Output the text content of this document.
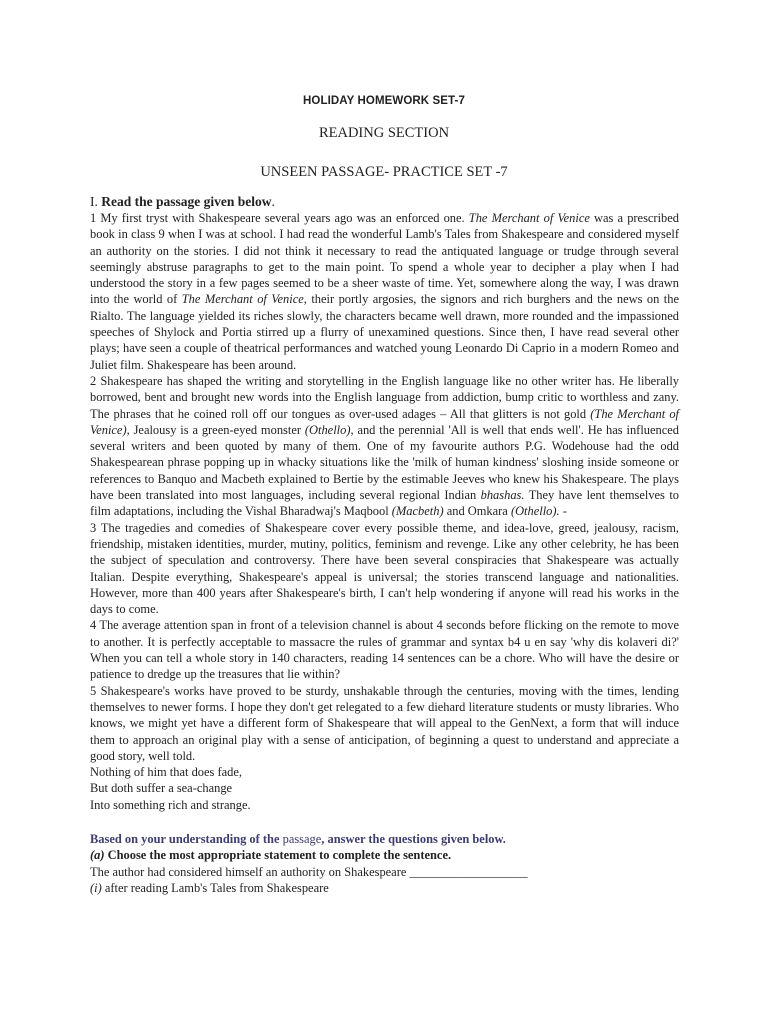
HOLIDAY HOMEWORK SET-7
READING SECTION
UNSEEN PASSAGE- PRACTICE SET -7

I. Read the passage given below.

1 My first tryst with Shakespeare several years ago was an enforced one. The Merchant of Venice was a prescribed book in class 9 when I was at school. I had read the wonderful Lamb's Tales from Shakespeare and considered myself an authority on the stories. I did not think it necessary to read the antiquated language or trudge through several seemingly abstruse paragraphs to get to the main point. To spend a whole year to decipher a play when I had understood the story in a few pages seemed to be a sheer waste of time. Yet, somewhere along the way, I was drawn into the world of The Merchant of Venice, their portly argosies, the signors and rich burghers and the news on the Rialto. The language yielded its riches slowly, the characters became well drawn, more rounded and the impassioned speeches of Shylock and Portia stirred up a flurry of unexamined questions. Since then, I have read several other plays; have seen a couple of theatrical performances and watched young Leonardo Di Caprio in a modern Romeo and Juliet film. Shakespeare has been around.

2 Shakespeare has shaped the writing and storytelling in the English language like no other writer has. He liberally borrowed, bent and brought new words into the English language from addiction, bump critic to worthless and zany. The phrases that he coined roll off our tongues as over-used adages – All that glitters is not gold (The Merchant of Venice), Jealousy is a green-eyed monster (Othello), and the perennial 'All is well that ends well'. He has influenced several writers and been quoted by many of them. One of my favourite authors P.G. Wodehouse had the odd Shakespearean phrase popping up in whacky situations like the 'milk of human kindness' sloshing inside someone or references to Banquo and Macbeth explained to Bertie by the estimable Jeeves who knew his Shakespeare. The plays have been translated into most languages, including several regional Indian bhashas. They have lent themselves to film adaptations, including the Vishal Bharadwaj's Maqbool (Macbeth) and Omkara (Othello). -

3 The tragedies and comedies of Shakespeare cover every possible theme, and idea-love, greed, jealousy, racism, friendship, mistaken identities, murder, mutiny, politics, feminism and revenge. Like any other celebrity, he has been the subject of speculation and controversy. There have been several conspiracies that Shakespeare was actually Italian. Despite everything, Shakespeare's appeal is universal; the stories transcend language and nationalities. However, more than 400 years after Shakespeare's birth, I can't help wondering if anyone will read his works in the days to come.

4 The average attention span in front of a television channel is about 4 seconds before flicking on the remote to move to another. It is perfectly acceptable to massacre the rules of grammar and syntax b4 u en say 'why dis kolaveri di?' When you can tell a whole story in 140 characters, reading 14 sentences can be a chore. Who will have the desire or patience to dredge up the treasures that lie within?

5 Shakespeare's works have proved to be sturdy, unshakable through the centuries, moving with the times, lending themselves to newer forms. I hope they don't get relegated to a few diehard literature students or musty libraries. Who knows, we might yet have a different form of Shakespeare that will appeal to the GenNext, a form that will induce them to approach an original play with a sense of anticipation, of beginning a quest to understand and appreciate a good story, well told.

Nothing of him that does fade,

But doth suffer a sea-change

Into something rich and strange.

Based on your understanding of the passage, answer the questions given below.

(a) Choose the most appropriate statement to complete the sentence.

The author had considered himself an authority on Shakespeare ___________________

(i) after reading Lamb's Tales from Shakespeare
